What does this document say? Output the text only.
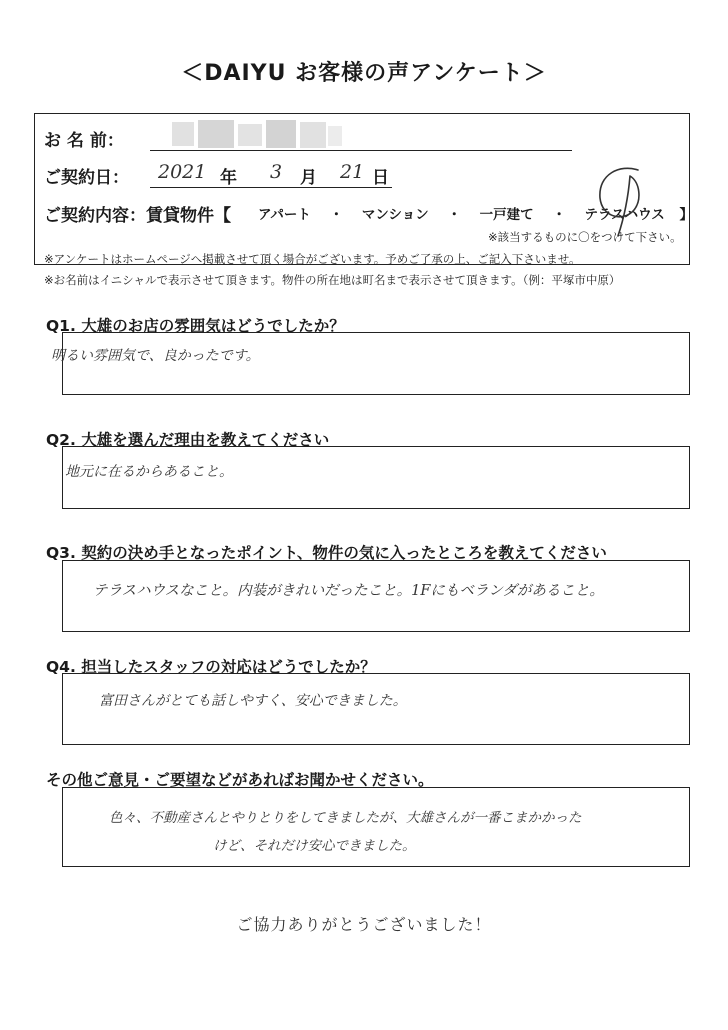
＜DAIYU お客様の声アンケート＞
お 名 前：
ご契約日： 2021 年 3 月 21 日
ご契約内容：賃貸物件【 アパート ・ マンション ・ 一戸建て ・ テラスハウス 】
※該当するものに〇をつけて下さい。
※アンケートはホームページへ掲載させて頂く場合がございます。予めご了承の上、ご記入下さいませ。
※お名前はイニシャルで表示させて頂きます。物件の所在地は町名まで表示させて頂きます。（例：平塚市中原）
Q1. 大雄のお店の雰囲気はどうでしたか？
明るい雰囲気で、良かったです。
Q2. 大雄を選んだ理由を教えてください
地元に在るからあること。
Q3. 契約の決め手となったポイント、物件の気に入ったところを教えてください
テラスハウスなこと。内装がきれいだったこと。1Fにもベランダがあること。
Q4. 担当したスタッフの対応はどうでしたか？
富田さんがとても話しやすく、安心できました。
その他ご意見・ご要望などがあればお聞かせください。
色々、不動産さんとやりとりをしてきましたが、大雄さんが一番こまかかった
けど、それだけ安心できました。
ご協力ありがとうございました！
